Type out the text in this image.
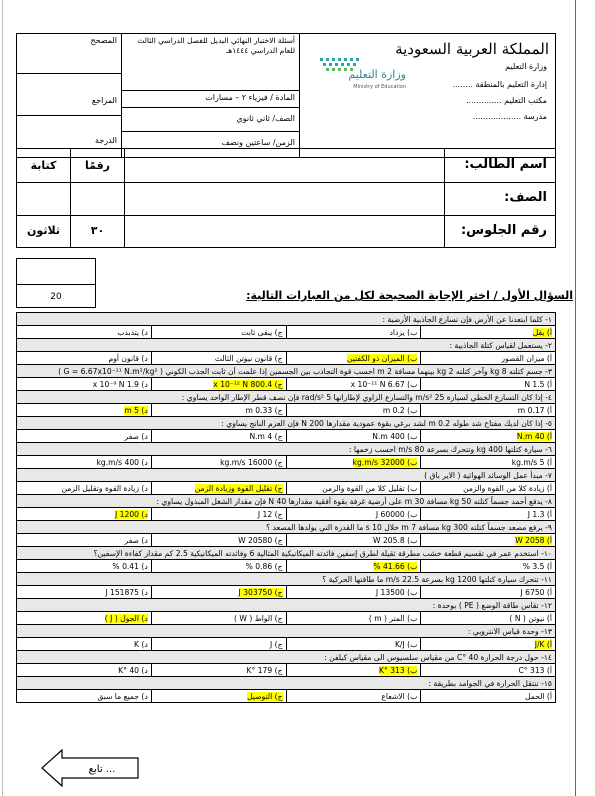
المصحح
المراجع
الدرجة
أسئلة الاختبار النهائي البديل للفصل الدراسي الثالث
للعام الدراسي ١٤٤٤هـ
المادة / فيزياء ٢ – مسارات
الصف/ ثاني ثانوي
الزمن/ ساعتين ونصف
وزارة التعليم
Ministry of Education
المملكة العربية السعودية
وزارة التعليم
إدارة التعليم بالمنطقة ........
مكتب التعليم ..............
مدرسة ...................
كتابة	رقمًا	اسم الطالب:
الصف:
ثلاثون	٣٠	رقم الجلوس:
20	السؤال الأول / اختر الإجابة الصحيحة لكل من العبارات التالية:
١- كلما ابتعدنا عن الأرض فإن تسارع الجاذبية الأرضية :			
د) يتذبذب	ج) يبقى ثابت	ب) يزداد	أ) يقل
٢- يستعمل لقياس كتلة الجاذبية :			
د) قانون أوم	ج) قانون نيوتن الثالث	ب) الميزان ذو الكفتين	أ) ميزان القصور
٣- جسم كتلته 8 kg وآخر كتلته 2 kg بينهما مسافة 2 m احسب قوة التجاذب بين الجسمين إذا علمت أن ثابت الجذب الكوني ( G = 6.67x10⁻¹¹ N.m²/kg² )			
د) 1.9 x 10⁻⁹ N	ج) 800.4 x 10⁻¹² N	ب) 6.67 x 10⁻¹¹ N	أ) 1.5 N
٤- إذا كان التسارع الخطي لسيارة 25 m/s² والتسارع الزاوي لإطاراتها 5 rad/s² فإن نصف قطر الإطار الواحد يساوي :			
د) 5 m	ج) 0.33 m	ب) 0.2 m	أ) 0.17 m
٥- إذا كان لديك مفتاح شد طوله 0.2 m لشد برغي بقوة عمودية مقدارها 200 N فإن العزم الناتج يساوي :			
د) صفر	ج) 4 N.m	ب) 400 N.m	أ) 40 N.m
٦- سيارة كتلتها 400 kg وتتحرك بسرعة 80 m/s احسب زخمها :			
د) 400 kg.m/s	ج) 16000 kg.m/s	ب) 32000 kg.m/s	أ) 5 kg.m/s
٧- مبدأ عمل الوسائد الهوائية ( الاير باق )			
د) زيادة القوة وتقليل الزمن	ج) تقليل القوة وزيادة الزمن	ب) تقليل كلا من القوة والزمن	أ) زيادة كلا من القوة والزمن
٨- يدفع أحمد جسماً كتلته 50 kg مسافة 30 m على أرضية غرفة بقوة أفقية مقدارها 40 N فإن مقدار الشغل المبذول يساوي :			
د) 1200 J	ج) 12 J	ب) 60000 J	أ) 1.3 J
٩- يرفع مصعد جسماً كتلته 300 kg مسافة 7 m خلال 10 s ما القدرة التي يولدها المصعد ؟			
د) صفر	ج) 20580 W	ب) 205.8 W	أ) 2058 W
١٠- استخدم عمر في تقسيم قطعة خشب مطرقة ثقيلة لطرق إسفين فائدته الميكانيكية المثالية 6 وفائدته الميكانيكية 2.5 كم مقدار كفاءة الإسفين؟			
د) 0.41 %	ج) 0.86 %	ب) 41.66 %	أ) 3.5 %
١١- تتحرك سيارة كتلتها 1200 kg بسرعة 22.5 m/s ما طاقتها الحركية ؟			
د) 151875 J	ج) 303750 J	ب) 13500 J	أ) 6750 J
١٢- تقاس طاقة الوضع ( PE ) بوحدة :			
د) الجول ( J )	ج) الواط ( W )	ب) المتر ( m )	أ) نيوتن ( N )
١٣- وحدة قياس الانتروبي :			
د) K	ج) J	ب) K/J	أ) J/K
١٤- حول درجة الحرارة 40 °C من مقياس سلسيوس الى مقياس كيلفن :			
د) 40 °K	ج) 179 °K	ب) 313 °K	أ) 313 °C
١٥- تنتقل الحرارة في الجوامد بطريقة :			
د) جميع ما سبق	ج) التوصيل	ب) الاشعاع	أ) الحمل
تابع ...
